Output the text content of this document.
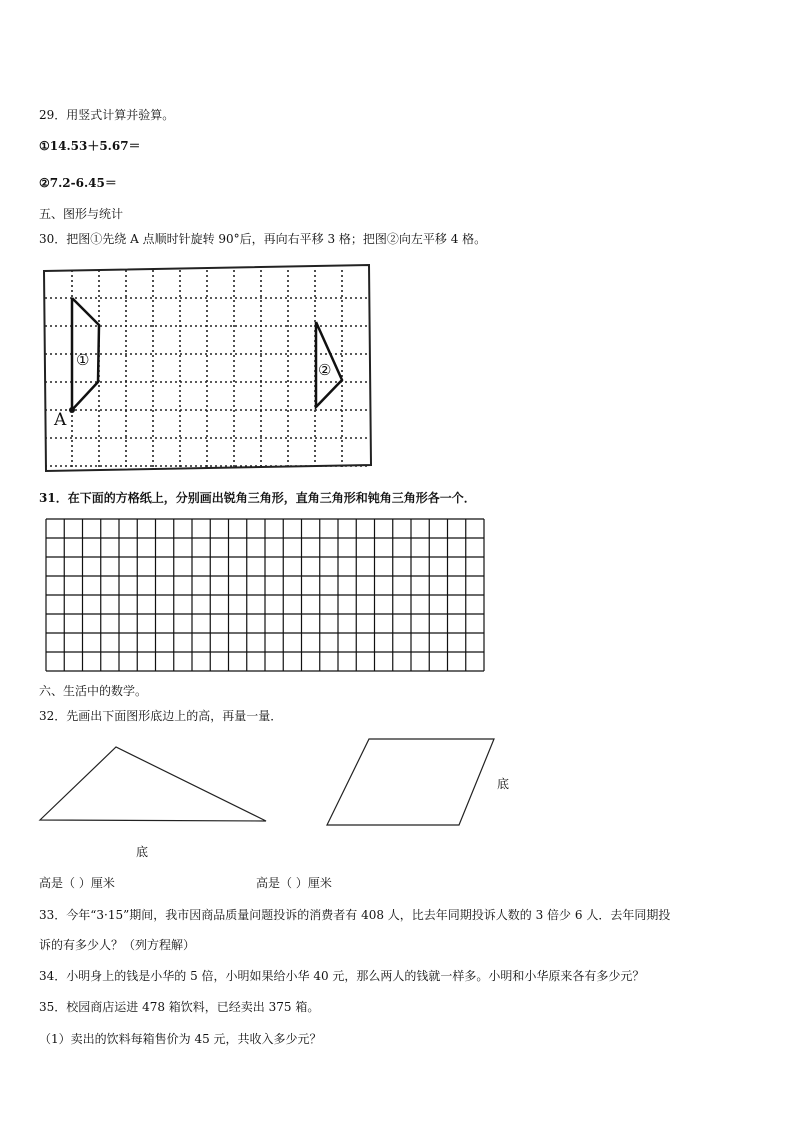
29．用竖式计算并验算。
①14.53＋5.67＝
②7.2-6.45＝
五、图形与统计
30．把图①先绕 A 点顺时针旋转 90°后，再向右平移 3 格；把图②向左平移 4 格。
①
②
A
31．在下面的方格纸上，分别画出锐角三角形，直角三角形和钝角三角形各一个．
六、生活中的数学。
32．先画出下面图形底边上的高，再量一量．
底
底
高是（ ）厘米	高是（ ）厘米
33．今年“3·15”期间，我市因商品质量问题投诉的消费者有 408 人，比去年同期投诉人数的 3 倍少 6 人．去年同期投
诉的有多少人？（列方程解）
34．小明身上的钱是小华的 5 倍，小明如果给小华 40 元，那么两人的钱就一样多。小明和小华原来各有多少元？
35．校园商店运进 478 箱饮料，已经卖出 375 箱。
（1）卖出的饮料每箱售价为 45 元，共收入多少元？
